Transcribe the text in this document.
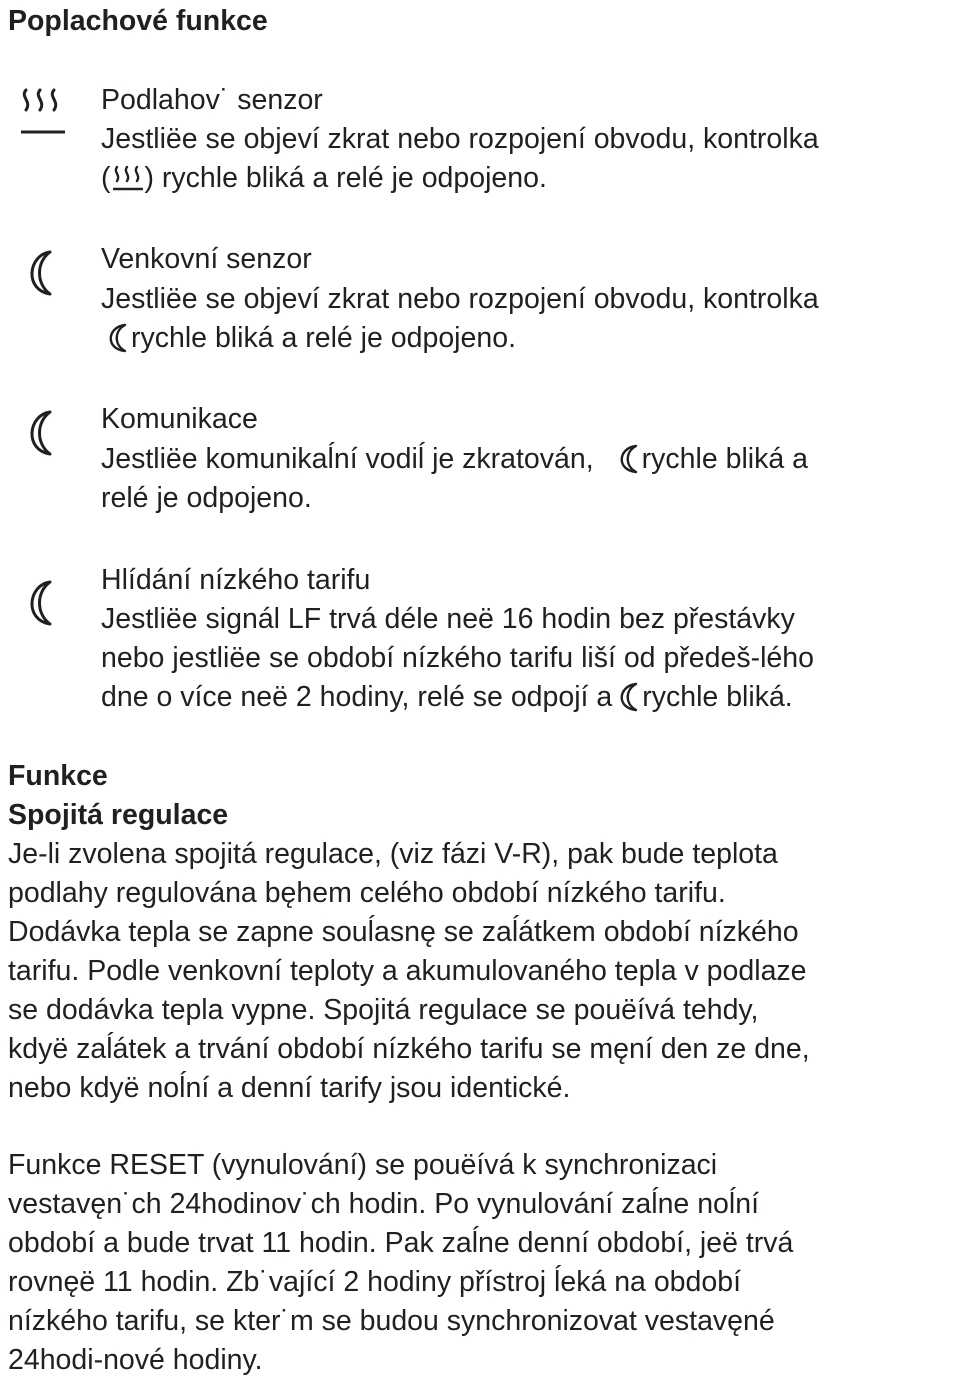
Poplachové funkce
Podlahov˙ senzor
Jestliëe se objeví zkrat nebo rozpojení obvodu, kontrolka
( ) rychle bliká a relé je odpojeno.
Venkovní senzor
Jestliëe se objeví zkrat nebo rozpojení obvodu, kontrolka
rychle bliká a relé je odpojeno.
Komunikace
Jestliëe komunikaĺní vodiĺ je zkratován, rychle bliká a
relé je odpojeno.
Hlídání nízkého tarifu
Jestliëe signál LF trvá déle neë 16 hodin bez přestávky
nebo jestliëe se období nízkého tarifu liší od předeš-lého
dne o více neë 2 hodiny, relé se odpojí a rychle bliká.
Funkce
Spojitá regulace
Je-li zvolena spojitá regulace, (viz fázi V-R), pak bude teplota
podlahy regulována bęhem celého období nízkého tarifu.
Dodávka tepla se zapne souĺasnę se zaĺátkem období nízkého
tarifu. Podle venkovní teploty a akumulovaného tepla v podlaze
se dodávka tepla vypne. Spojitá regulace se pouëívá tehdy,
kdyë zaĺátek a trvání období nízkého tarifu se męní den ze dne,
nebo kdyë noĺní a denní tarify jsou identické.
Funkce RESET (vynulování) se pouëívá k synchronizaci
vestavęn˙ch 24hodinov˙ch hodin. Po vynulování zaĺne noĺní
období a bude trvat 11 hodin. Pak zaĺne denní období, jeë trvá
rovnęë 11 hodin. Zb˙vající 2 hodiny přístroj ĺeká na období
nízkého tarifu, se kter˙m se budou synchronizovat vestavęné
24hodi-nové hodiny.
